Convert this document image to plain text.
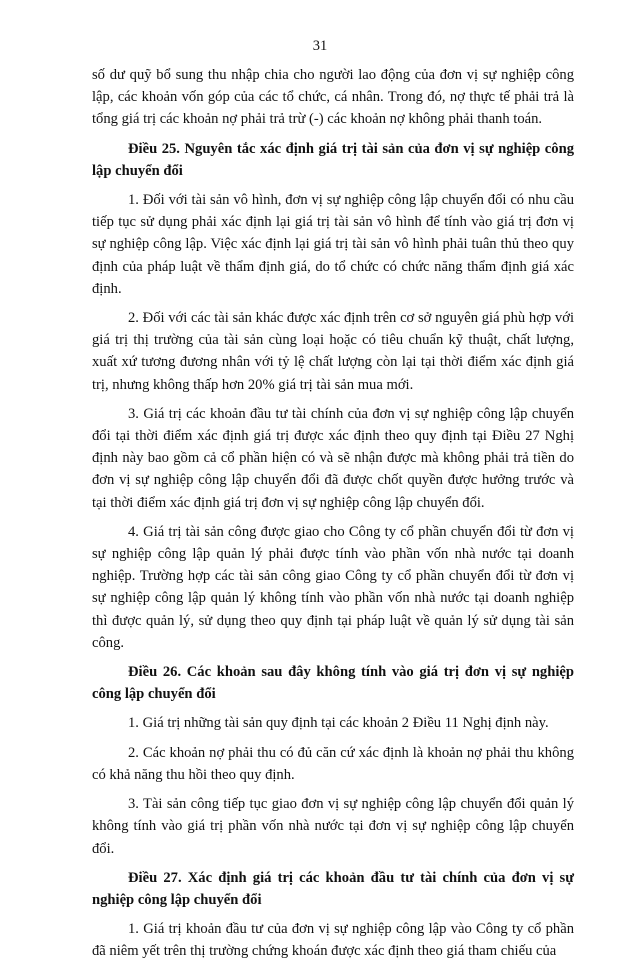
31

số dư quỹ bổ sung thu nhập chia cho người lao động của đơn vị sự nghiệp công lập, các khoản vốn góp của các tổ chức, cá nhân. Trong đó, nợ thực tế phải trả là tổng giá trị các khoản nợ phải trả trừ (-) các khoản nợ không phải thanh toán.

Điều 25. Nguyên tắc xác định giá trị tài sản của đơn vị sự nghiệp công lập chuyển đổi

1. Đối với tài sản vô hình, đơn vị sự nghiệp công lập chuyển đổi có nhu cầu tiếp tục sử dụng phải xác định lại giá trị tài sản vô hình để tính vào giá trị đơn vị sự nghiệp công lập. Việc xác định lại giá trị tài sản vô hình phải tuân thủ theo quy định của pháp luật về thẩm định giá, do tổ chức có chức năng thẩm định giá xác định.

2. Đối với các tài sản khác được xác định trên cơ sở nguyên giá phù hợp với giá trị thị trường của tài sản cùng loại hoặc có tiêu chuẩn kỹ thuật, chất lượng, xuất xứ tương đương nhân với tỷ lệ chất lượng còn lại tại thời điểm xác định giá trị, nhưng không thấp hơn 20% giá trị tài sản mua mới.

3. Giá trị các khoản đầu tư tài chính của đơn vị sự nghiệp công lập chuyển đổi tại thời điểm xác định giá trị được xác định theo quy định tại Điều 27 Nghị định này bao gồm cả cổ phần hiện có và sẽ nhận được mà không phải trả tiền do đơn vị sự nghiệp công lập chuyển đổi đã được chốt quyền được hưởng trước và tại thời điểm xác định giá trị đơn vị sự nghiệp công lập chuyển đổi.

4. Giá trị tài sản công được giao cho Công ty cổ phần chuyển đổi từ đơn vị sự nghiệp công lập quản lý phải được tính vào phần vốn nhà nước tại doanh nghiệp. Trường hợp các tài sản công giao Công ty cổ phần chuyển đổi từ đơn vị sự nghiệp công lập quản lý không tính vào phần vốn nhà nước tại doanh nghiệp thì được quản lý, sử dụng theo quy định tại pháp luật về quản lý sử dụng tài sản công.

Điều 26. Các khoản sau đây không tính vào giá trị đơn vị sự nghiệp công lập chuyển đổi

1. Giá trị những tài sản quy định tại các khoản 2 Điều 11 Nghị định này.

2. Các khoản nợ phải thu có đủ căn cứ xác định là khoản nợ phải thu không có khả năng thu hồi theo quy định.

3. Tài sản công tiếp tục giao đơn vị sự nghiệp công lập chuyển đổi quản lý không tính vào giá trị phần vốn nhà nước tại đơn vị sự nghiệp công lập chuyển đổi.

Điều 27. Xác định giá trị các khoản đầu tư tài chính của đơn vị sự nghiệp công lập chuyển đổi

1. Giá trị khoản đầu tư của đơn vị sự nghiệp công lập vào Công ty cổ phần đã niêm yết trên thị trường chứng khoán được xác định theo giá tham chiếu của
